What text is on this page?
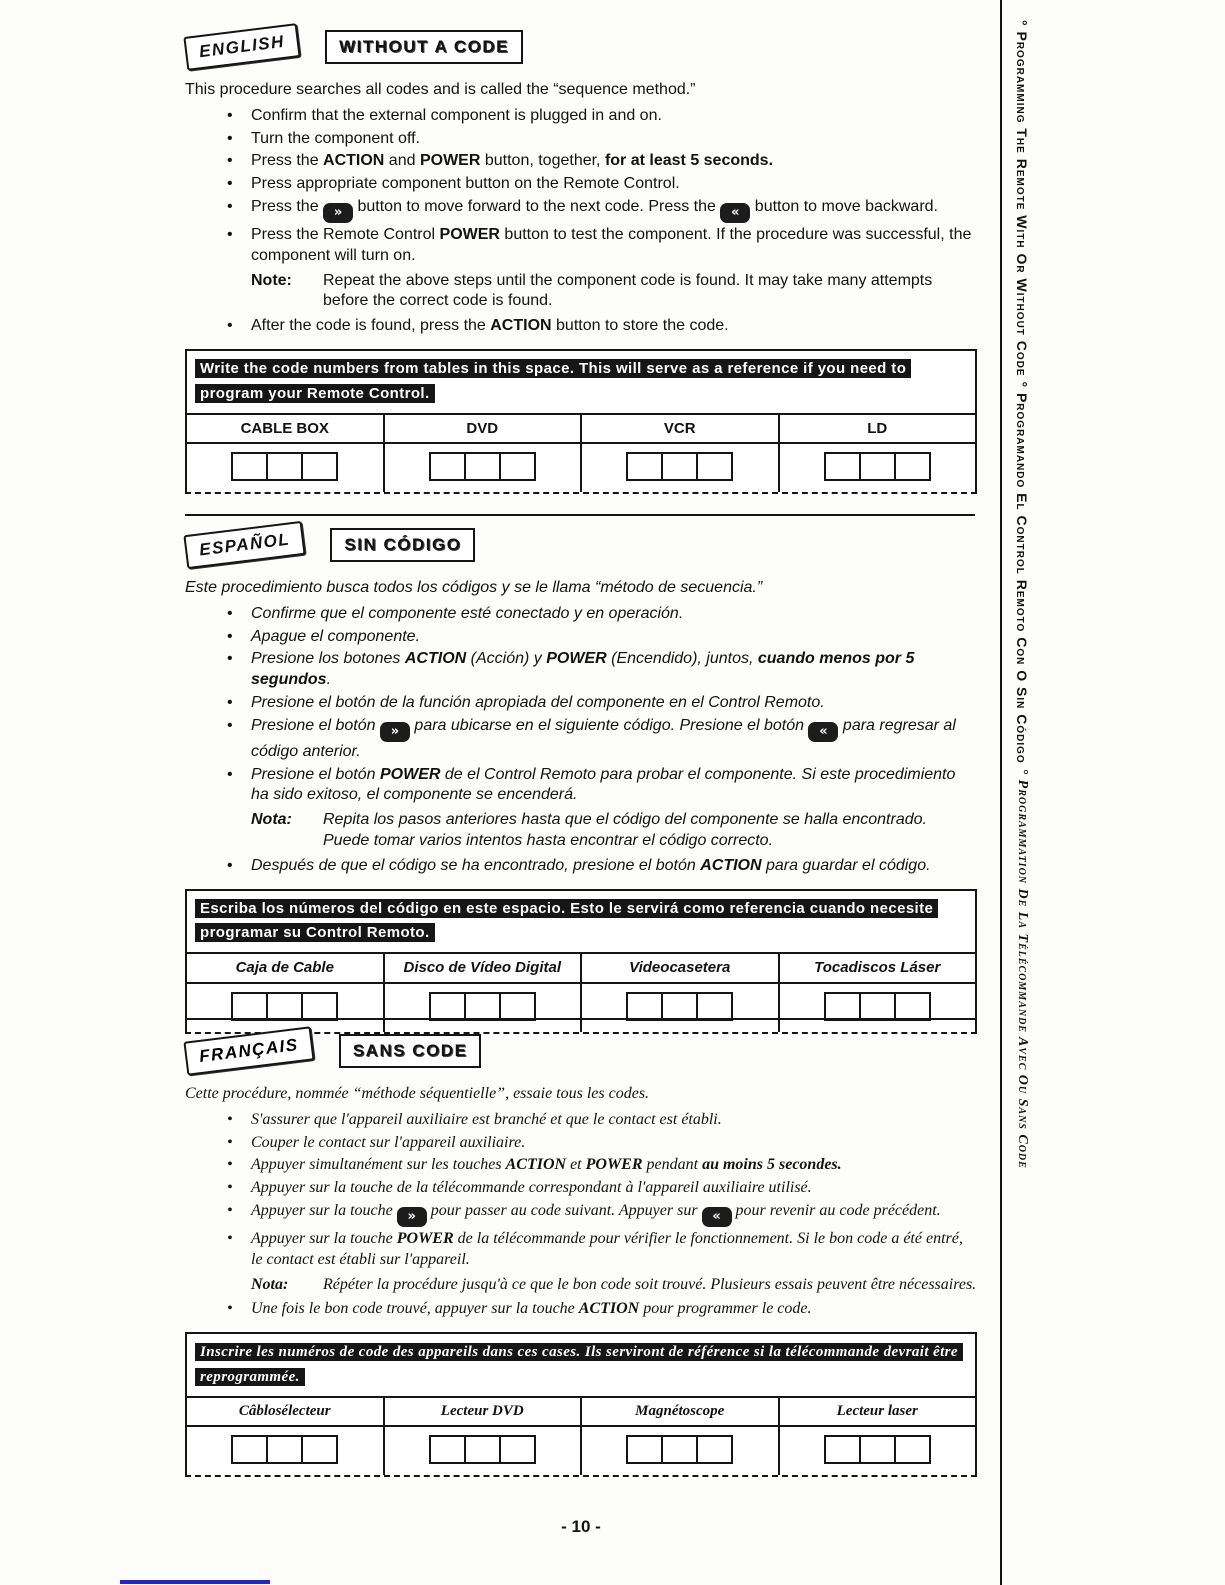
ENGLISH	WITHOUT A CODE

This procedure searches all codes and is called the “sequence method.”

•	Confirm that the external component is plugged in and on.
•	Turn the component off.
•	Press the ACTION and POWER button, together, for at least 5 seconds.
•	Press appropriate component button on the Remote Control.
•	Press the » button to move forward to the next code. Press the « button to move backward.
•	Press the Remote Control POWER button to test the component. If the procedure was successful, the component will turn on.
Note:	Repeat the above steps until the component code is found. It may take many attempts before the correct code is found.
•	After the code is found, press the ACTION button to store the code.
Write the code numbers from tables in this space. This will serve as a reference if you need to program your Remote Control.
CABLE BOX	DVD	VCR	LD
ESPAÑOL	SIN CÓDIGO

Este procedimiento busca todos los códigos y se le llama “método de secuencia.”

•	Confirme que el componente esté conectado y en operación.
•	Apague el componente.
•	Presione los botones ACTION (Acción) y POWER (Encendido), juntos, cuando menos por 5 segundos.
•	Presione el botón de la función apropiada del componente en el Control Remoto.
•	Presione el botón » para ubicarse en el siguiente código. Presione el botón « para regresar al código anterior.
•	Presione el botón POWER de el Control Remoto para probar el componente. Si este procedimiento ha sido exitoso, el componente se encenderá.
Nota:	Repita los pasos anteriores hasta que el código del componente se halla encontrado. Puede tomar varios intentos hasta encontrar el código correcto.
•	Después de que el código se ha encontrado, presione el botón ACTION para guardar el código.
Escriba los números del código en este espacio. Esto le servirá como referencia cuando necesite programar su Control Remoto.
Caja de Cable	Disco de Vídeo Digital	Videocasetera	Tocadiscos Láser
FRANÇAIS	SANS CODE

Cette procédure, nommée “méthode séquentielle”, essaie tous les codes.

•	S'assurer que l'appareil auxiliaire est branché et que le contact est établi.
•	Couper le contact sur l'appareil auxiliaire.
•	Appuyer simultanément sur les touches ACTION et POWER pendant au moins 5 secondes.
•	Appuyer sur la touche de la télécommande correspondant à l'appareil auxiliaire utilisé.
•	Appuyer sur la touche » pour passer au code suivant. Appuyer sur « pour revenir au code précédent.
•	Appuyer sur la touche POWER de la télécommande pour vérifier le fonctionnement. Si le bon code a été entré, le contact est établi sur l'appareil.
Nota:	Répéter la procédure jusqu'à ce que le bon code soit trouvé. Plusieurs essais peuvent être nécessaires.
•	Une fois le bon code trouvé, appuyer sur la touche ACTION pour programmer le code.
Inscrire les numéros de code des appareils dans ces cases. Ils serviront de référence si la télécommande devrait être reprogrammée.
Câblosélecteur	Lecteur DVD	Magnétoscope	Lecteur laser
- 10 -
° Programming The Remote With Or Without Code ° Programando El Control Remoto Con O Sin Código ° Programmation De La Télécommande Avec Ou Sans Code
